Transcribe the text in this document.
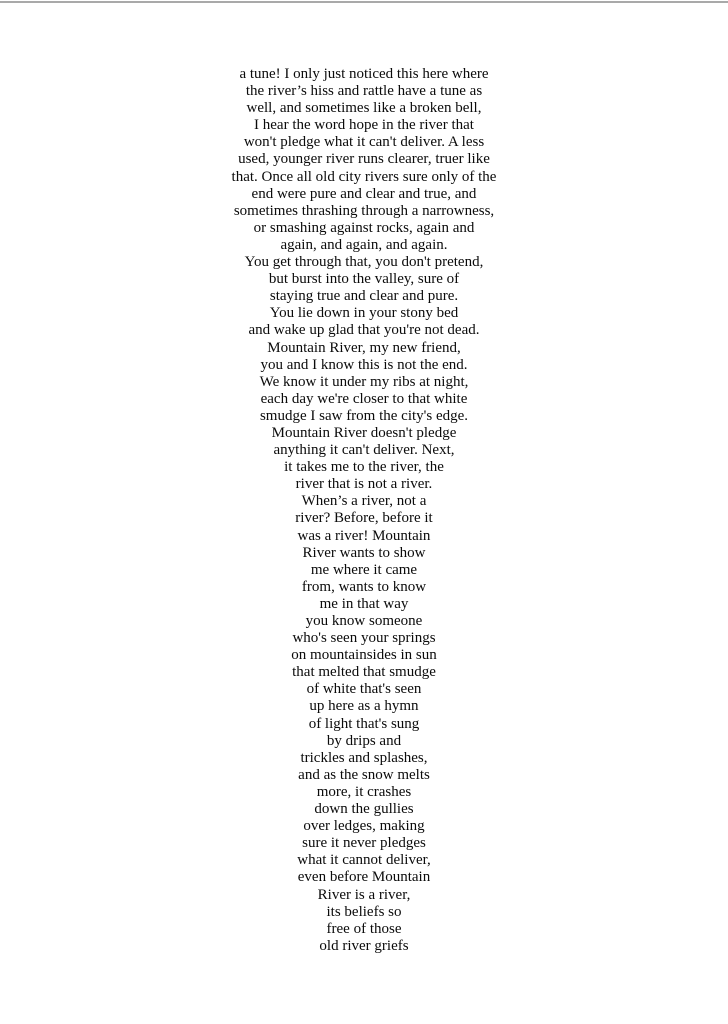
a tune! I only just noticed this here where
the river’s hiss and rattle have a tune as
well, and sometimes like a broken bell,
I hear the word hope in the river that
won't pledge what it can't deliver. A less
used, younger river runs clearer, truer like
that. Once all old city rivers sure only of the
end were pure and clear and true, and
sometimes thrashing through a narrowness,
or smashing against rocks, again and
again, and again, and again.
You get through that, you don't pretend,
but burst into the valley, sure of
staying true and clear and pure.
You lie down in your stony bed
and wake up glad that you're not dead.
Mountain River, my new friend,
you and I know this is not the end.
We know it under my ribs at night,
each day we're closer to that white
smudge I saw from the city's edge.
Mountain River doesn't pledge
anything it can't deliver. Next,
it takes me to the river, the
river that is not a river.
When’s a river, not a
river? Before, before it
was a river! Mountain
River wants to show
me where it came
from, wants to know
me in that way
you know someone
who's seen your springs
on mountainsides in sun
that melted that smudge
of white that's seen
up here as a hymn
of light that's sung
by drips and
trickles and splashes,
and as the snow melts
more, it crashes
down the gullies
over ledges, making
sure it never pledges
what it cannot deliver,
even before Mountain
River is a river,
its beliefs so
free of those
old river griefs
